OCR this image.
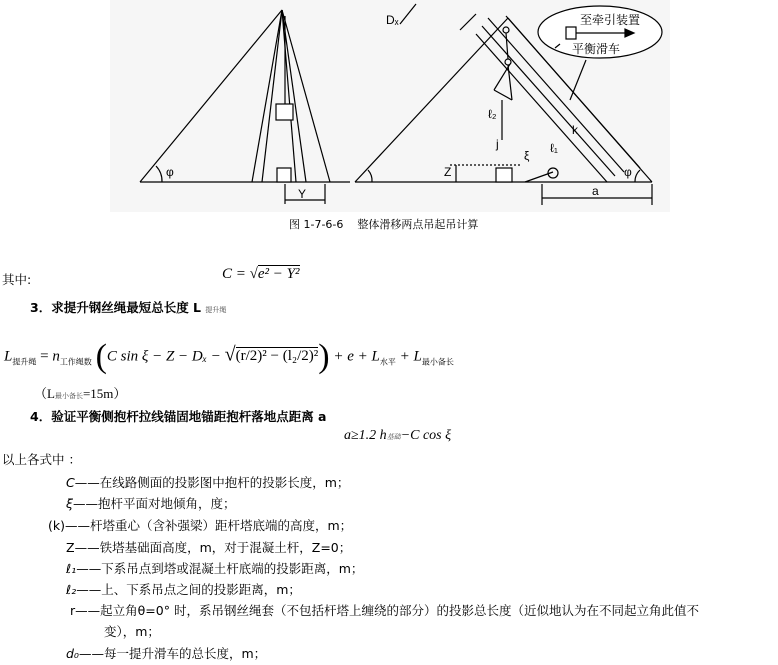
φ
Y
Dₓ	至牵引装置
平衡滑车
ℓ₂
k
j	ℓ₁
ξ
Z
a
φ
图 1-7-6-6 整体滑移两点吊起吊计算
其中:	C = √e² − Y²
3．求提升钢丝绳最短总长度 L 提升绳
$L_{提升绳} = n_{工作绳数}$ (C $\sin \xi - Z - D_x - √(r/2)^2 - (l_2/2)^2) + e + L_{水平} + L_{最小备长}$
（L最小备长=15m）
4．验证平衡侧抱杆拉线锚固地锚距抱杆落地点距离 a
a≥1.2 h基础−C cos ξ
以上各式中 ：
C——在线路侧面的投影图中抱杆的投影长度，m；
ξ——抱杆平面对地倾角，度；
(k)——杆塔重心（含补强梁）距杆塔底端的高度，m；
Z——铁塔基础面高度，m，对于混凝土杆，Z=0；
ℓ₁——下系吊点到塔或混凝土杆底端的投影距离，m；
ℓ₂——上、下系吊点之间的投影距离，m；
r——起立角θ=0° 时，系吊钢丝绳套（不包括杆塔上缠绕的部分）的投影总长度（近似地认为在不同起立角此值不
变），m；
d₀——每一提升滑车的总长度，m；
